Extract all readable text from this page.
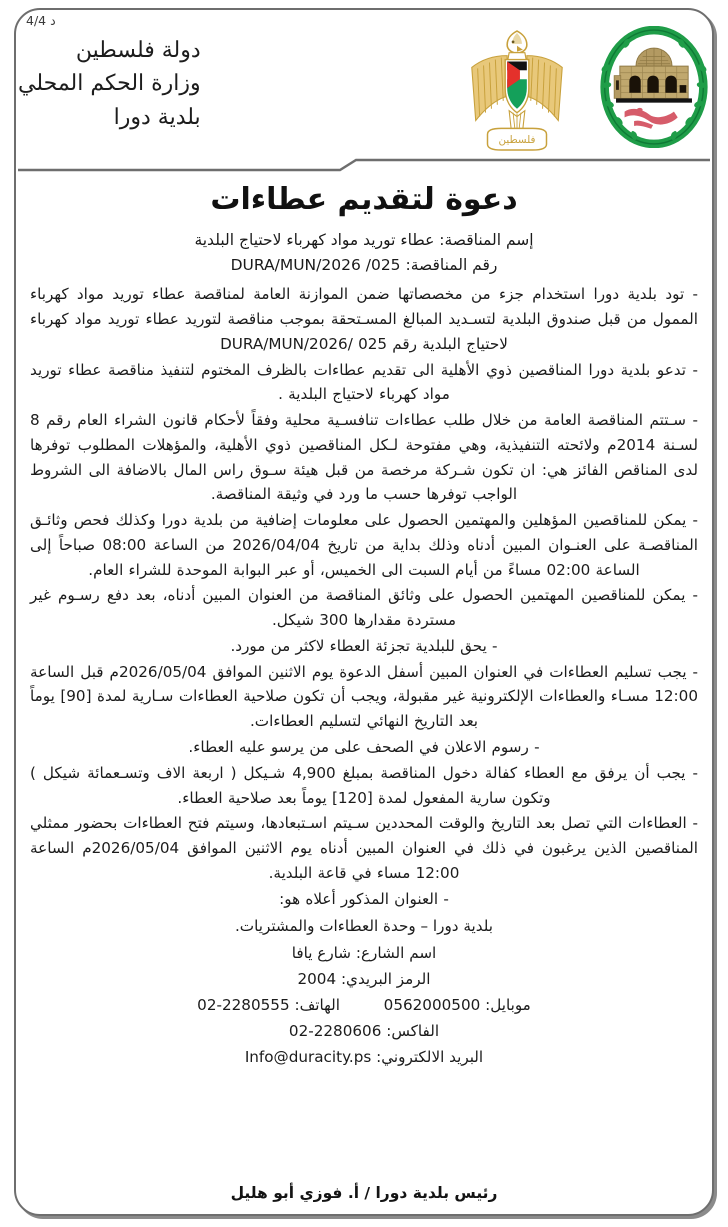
د 4/4
دولة فلسطين
وزارة الحكم المحلي
بلدية دورا
فلسطين
دعوة لتقديم عطاءات
إسم المناقصة: عطاء توريد مواد كهرباء لاحتياج البلدية
رقم المناقصة: DURA/MUN/2026 /025

- تود بلدية دورا استخدام جزء من مخصصاتها ضمن الموازنة العامة لمناقصة عطاء توريد مواد كهرباء الممول من قبل صندوق البلدية لتسـديد المبالغ المسـتحقة بموجب مناقصة لتوريد عطاء توريد مواد كهرباء لاحتياج البلدية رقم 025 /DURA/MUN/2026

- تدعو بلدية دورا المناقصين ذوي الأهلية الى تقديم عطاءات بالظرف المختوم لتنفيذ مناقصة عطاء توريد مواد كهرباء لاحتياج البلدية .

- سـتتم المناقصة العامة من خلال طلب عطاءات تنافسـية محلية وفقاً لأحكام قانون الشراء العام رقم 8 لسـنة 2014م ولائحته التنفيذية، وهي مفتوحة لـكل المناقصين ذوي الأهلية، والمؤهلات المطلوب توفرها لدى المناقص الفائز هي: ان تكون شـركة مرخصة من قبل هيئة سـوق راس المال بالاضافة الى الشروط الواجب توفرها حسب ما ورد في وثيقة المناقصة.

- يمكن للمناقصين المؤهلين والمهتمين الحصول على معلومات إضافية من بلدية دورا وكذلك فحص وثائـق المناقصـة على العنـوان المبين أدناه وذلك بداية من تاريخ 2026/04/04 من الساعة 08:00 صباحاً إلى الساعة 02:00 مساءً من أيام السبت الى الخميس، أو عبر البوابة الموحدة للشراء العام.

- يمكن للمناقصين المهتمين الحصول على وثائق المناقصة من العنوان المبين أدناه، بعد دفع رسـوم غير مستردة مقدارها 300 شيكل.

- يحق للبلدية تجزئة العطاء لاكثر من مورد.

- يجب تسليم العطاءات في العنوان المبين أسفل الدعوة يوم الاثنين الموافق 2026/05/04م قبل الساعة 12:00 مسـاء والعطاءات الإلكترونية غير مقبولة، ويجب أن تكون صلاحية العطاءات سـارية لمدة [90] يوماً بعد التاريخ النهائي لتسليم العطاءات.

- رسوم الاعلان في الصحف على من يرسو عليه العطاء.

- يجب أن يرفق مع العطاء كفالة دخول المناقصة بمبلغ 4,900 شـيكل ( اربعة الاف وتسـعمائة شيكل ) وتكون سارية المفعول لمدة [120] يوماً بعد صلاحية العطاء.

- العطاءات التي تصل بعد التاريخ والوقت المحددين سـيتم اسـتبعادها، وسيتم فتح العطاءات بحضور ممثلي المناقصين الذين يرغبون في ذلك في العنوان المبين أدناه يوم الاثنين الموافق 2026/05/04م الساعة 12:00 مساء في قاعة البلدية.

- العنوان المذكور أعلاه هو:

بلدية دورا – وحدة العطاءات والمشتريات.
اسم الشارع: شارع يافا
الرمز البريدي: 2004
موبايل: 0562000500  الهاتف: 02-2280555
الفاكس: 02-2280606
البريد الالكتروني: Info@duracity.ps
رئيس بلدية دورا / أ. فوزي أبو هليل
